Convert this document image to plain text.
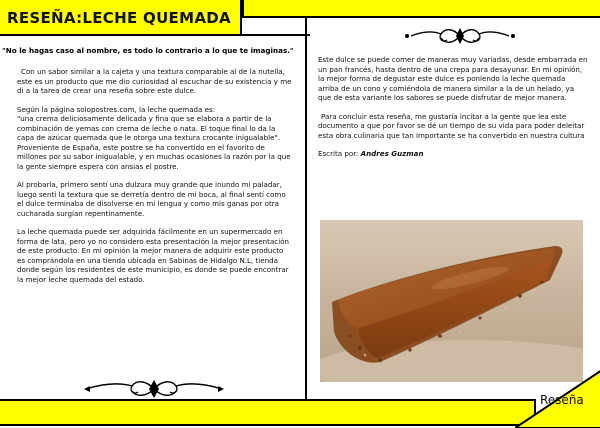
RESEÑA:LECHE QUEMADA
"No le hagas caso al nombre, es todo lo contrario a lo que te imaginas."

Con un sabor similar a la cajeta y una textura comparable al de la nutella, este es un producto que me dio curiosidad al escuchar de su existencia y me di a la tarea de crear una reseña sobre este dulce.

Según la página solopostres.com, la leche quemada es:

"una crema deliciosamente delicada y fina que se elabora a partir de la combinación de yemas con crema de leche o nata. El toque final lo da la capa de azúcar quemada que le otorga una textura crocante inigualable".

Proveniente de España, este postre se ha convertido en el favorito de millones por su sabor inigualable, y en muchas ocasiones la razón por la que la gente siempre espera con ansias el postre.

Al probarla, primero sentí una dulzura muy grande que inundo mi paladar, luego sentí la textura que se derretía dentro de mi boca, al final sentí como el dulce terminaba de disolverse en mi lengua y como mis ganas por otra cucharada surgían repentinamente.

La leche quemada puede ser adquirida fácilmente en un supermercado en forma de lata, pero yo no considero esta presentación la mejor presentación de este producto. En mi opinión la mejor manera de adquirir este producto es comprándola en una tienda ubicada en Sabinas de Hidalgo N.L, tienda donde según los residentes de este municipio, es donde se puede encontrar la mejor leche quemada del estado.

Este dulce se puede comer de maneras muy variadas, desde embarrada en un pan francés, hasta dentro de una crepa para desayunar. En mi opinión, la mejor forma de degustar este dulce es poniendo la leche quemada arriba de un cono y comiéndola de manera similar a la de un helado, ya que de esta variante los sabores se puede disfrutar de mejor manera.

Para concluir esta reseña, me gustaría incitar a la gente que lea este documento a que por favor se dé un tiempo de su vida para poder deleitar esta obra culinaria que tan importante se ha convertido en nuestra cultura

Escrita por: Andres Guzman

Reseña
